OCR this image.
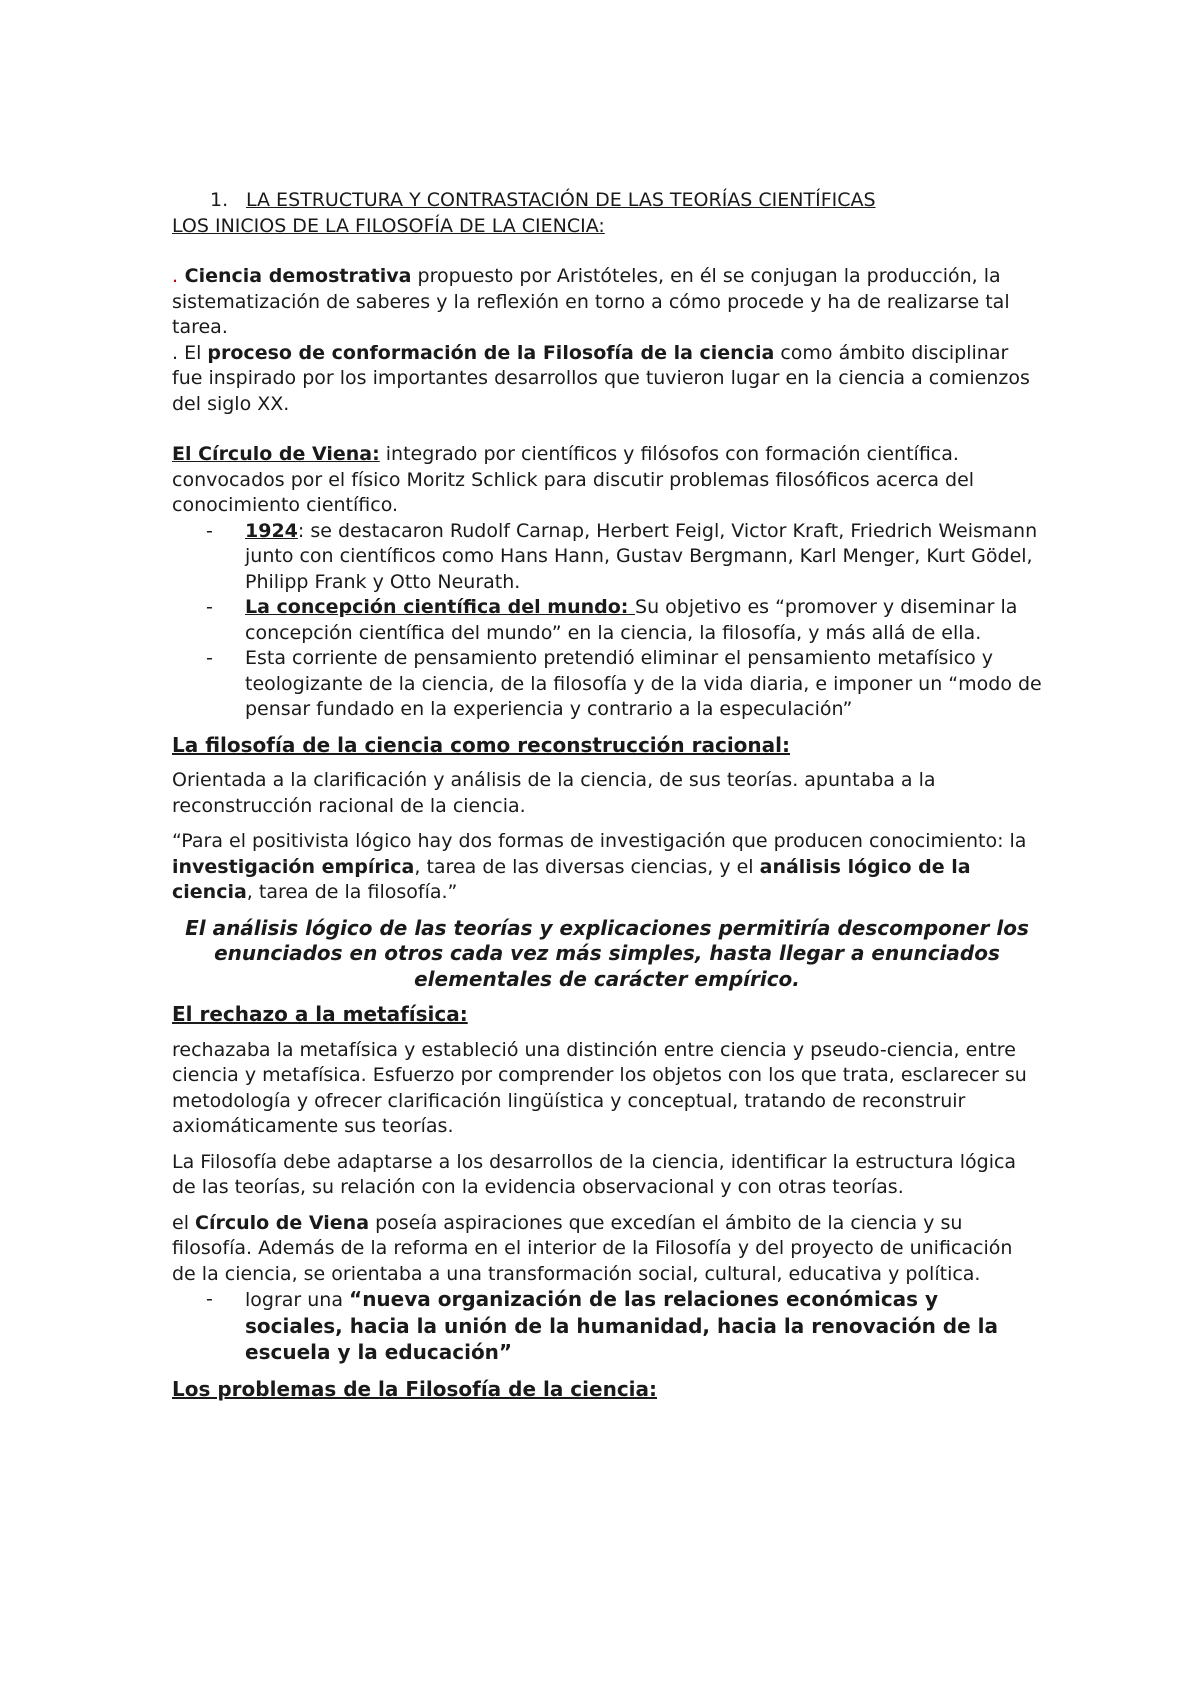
1. LA ESTRUCTURA Y CONTRASTACIÓN DE LAS TEORÍAS CIENTÍFICAS

LOS INICIOS DE LA FILOSOFÍA DE LA CIENCIA:

. Ciencia demostrativa propuesto por Aristóteles, en él se conjugan la producción, la sistematización de saberes y la reflexión en torno a cómo procede y ha de realizarse tal tarea.

. El proceso de conformación de la Filosofía de la ciencia como ámbito disciplinar fue inspirado por los importantes desarrollos que tuvieron lugar en la ciencia a comienzos del siglo XX.

El Círculo de Viena: integrado por científicos y filósofos con formación científica. convocados por el físico Moritz Schlick para discutir problemas filosóficos acerca del conocimiento científico.

- 1924: se destacaron Rudolf Carnap, Herbert Feigl, Victor Kraft, Friedrich Weismann junto con científicos como Hans Hann, Gustav Bergmann, Karl Menger, Kurt Gödel, Philipp Frank y Otto Neurath.
- La concepción científica del mundo: Su objetivo es “promover y diseminar la concepción científica del mundo” en la ciencia, la filosofía, y más allá de ella.
- Esta corriente de pensamiento pretendió eliminar el pensamiento metafísico y teologizante de la ciencia, de la filosofía y de la vida diaria, e imponer un “modo de pensar fundado en la experiencia y contrario a la especulación”

La filosofía de la ciencia como reconstrucción racional:

Orientada a la clarificación y análisis de la ciencia, de sus teorías. apuntaba a la reconstrucción racional de la ciencia.

“Para el positivista lógico hay dos formas de investigación que producen conocimiento: la investigación empírica, tarea de las diversas ciencias, y el análisis lógico de la ciencia, tarea de la filosofía.”

El análisis lógico de las teorías y explicaciones permitiría descomponer los enunciados en otros cada vez más simples, hasta llegar a enunciados elementales de carácter empírico.

El rechazo a la metafísica:

rechazaba la metafísica y estableció una distinción entre ciencia y pseudo-ciencia, entre ciencia y metafísica. Esfuerzo por comprender los objetos con los que trata, esclarecer su metodología y ofrecer clarificación lingüística y conceptual, tratando de reconstruir axiomáticamente sus teorías.

La Filosofía debe adaptarse a los desarrollos de la ciencia, identificar la estructura lógica de las teorías, su relación con la evidencia observacional y con otras teorías.

el Círculo de Viena poseía aspiraciones que excedían el ámbito de la ciencia y su filosofía. Además de la reforma en el interior de la Filosofía y del proyecto de unificación de la ciencia, se orientaba a una transformación social, cultural, educativa y política.

- lograr una “nueva organización de las relaciones económicas y sociales, hacia la unión de la humanidad, hacia la renovación de la escuela y la educación”

Los problemas de la Filosofía de la ciencia:
